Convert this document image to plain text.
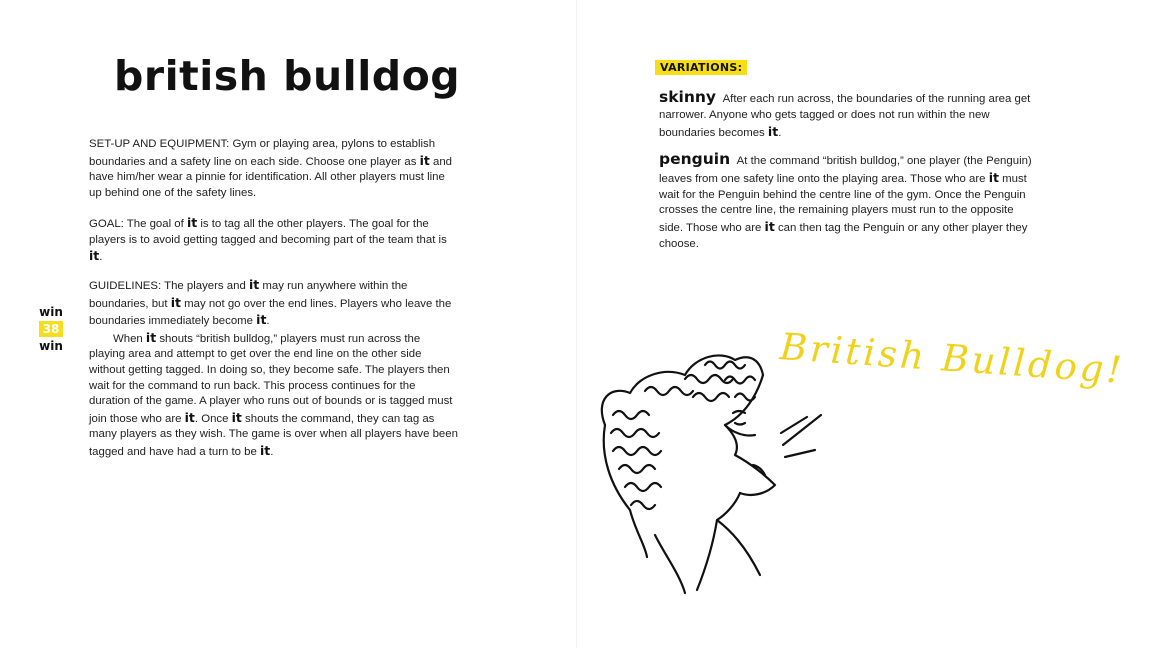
british bulldog
SET-UP AND EQUIPMENT: Gym or playing area, pylons to establish boundaries and a safety line on each side. Choose one player as it and have him/her wear a pinnie for identification. All other players must line up behind one of the safety lines.
GOAL: The goal of it is to tag all the other players. The goal for the players is to avoid getting tagged and becoming part of the team that is it.
GUIDELINES: The players and it may run anywhere within the boundaries, but it may not go over the end lines. Players who leave the boundaries immediately become it.
When it shouts “british bulldog,” players must run across the playing area and attempt to get over the end line on the other side without getting tagged. In doing so, they become safe. The players then wait for the command to run back. This process continues for the duration of the game. A player who runs out of bounds or is tagged must join those who are it. Once it shouts the command, they can tag as many players as they wish. The game is over when all players have been tagged and have had a turn to be it.
win
38
win
VARIATIONS:
skinny After each run across, the boundaries of the running area get narrower. Anyone who gets tagged or does not run within the new boundaries becomes it.
penguin At the command “british bulldog,” one player (the Penguin) leaves from one safety line onto the playing area. Those who are it must wait for the Penguin behind the centre line of the gym. Once the Penguin crosses the centre line, the remaining players must run to the opposite side. Those who are it can then tag the Penguin or any other player they choose.
British Bulldog!
